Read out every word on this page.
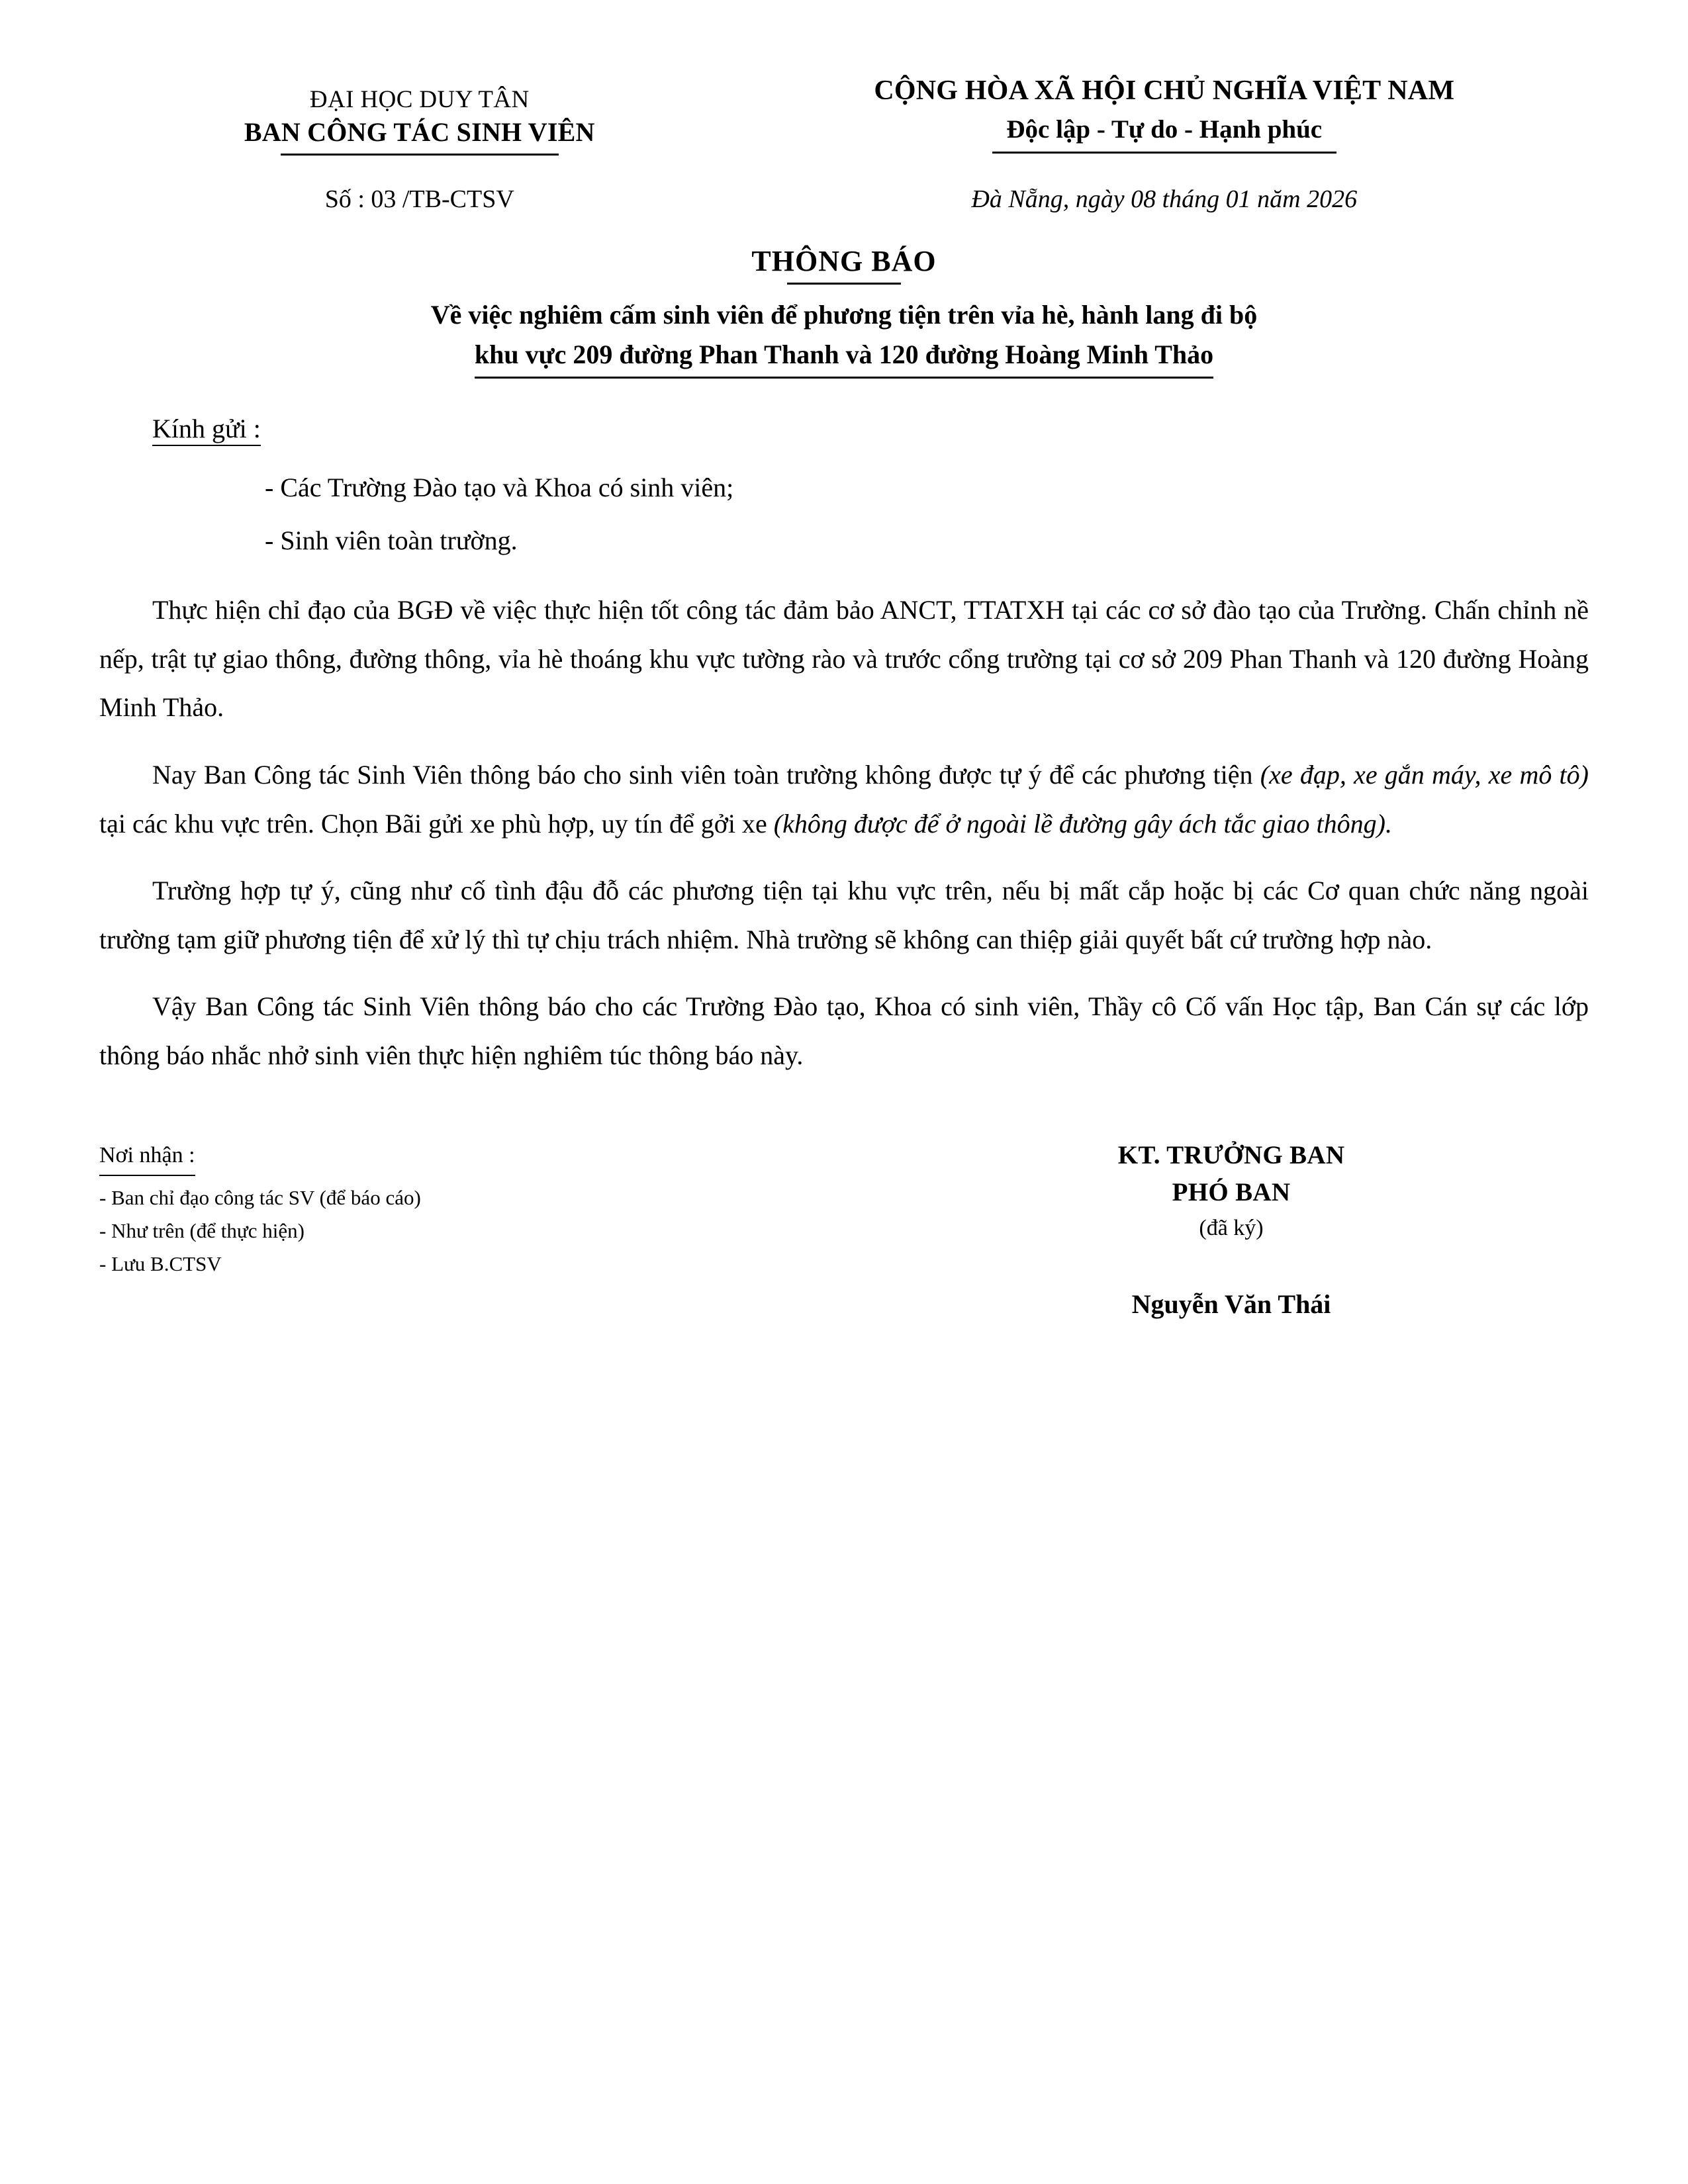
ĐẠI HỌC DUY TÂN
BAN CÔNG TÁC SINH VIÊN
CỘNG HÒA XÃ HỘI CHỦ NGHĨA VIỆT NAM
Độc lập - Tự do - Hạnh phúc
Số : 03 /TB-CTSV	Đà Nẵng, ngày 08 tháng 01 năm 2026
THÔNG BÁO
Về việc nghiêm cấm sinh viên để phương tiện trên vỉa hè, hành lang đi bộ
khu vực 209 đường Phan Thanh và 120 đường Hoàng Minh Thảo
Kính gửi :
- Các Trường Đào tạo và Khoa có sinh viên;
- Sinh viên toàn trường.
Thực hiện chỉ đạo của BGĐ về việc thực hiện tốt công tác đảm bảo ANCT, TTATXH tại các cơ sở đào tạo của Trường. Chấn chỉnh nề nếp, trật tự giao thông, đường thông, vỉa hè thoáng khu vực tường rào và trước cổng trường tại cơ sở 209 Phan Thanh và 120 đường Hoàng Minh Thảo.
Nay Ban Công tác Sinh Viên thông báo cho sinh viên toàn trường không được tự ý để các phương tiện (xe đạp, xe gắn máy, xe mô tô) tại các khu vực trên. Chọn Bãi gửi xe phù hợp, uy tín để gởi xe (không được để ở ngoài lề đường gây ách tắc giao thông).
Trường hợp tự ý, cũng như cố tình đậu đỗ các phương tiện tại khu vực trên, nếu bị mất cắp hoặc bị các Cơ quan chức năng ngoài trường tạm giữ phương tiện để xử lý thì tự chịu trách nhiệm. Nhà trường sẽ không can thiệp giải quyết bất cứ trường hợp nào.
Vậy Ban Công tác Sinh Viên thông báo cho các Trường Đào tạo, Khoa có sinh viên, Thầy cô Cố vấn Học tập, Ban Cán sự các lớp thông báo nhắc nhở sinh viên thực hiện nghiêm túc thông báo này.
Nơi nhận :
- Ban chỉ đạo công tác SV (để báo cáo)
- Như trên (để thực hiện)
- Lưu B.CTSV
KT. TRƯỞNG BAN
PHÓ BAN
(đã ký)
Nguyễn Văn Thái
